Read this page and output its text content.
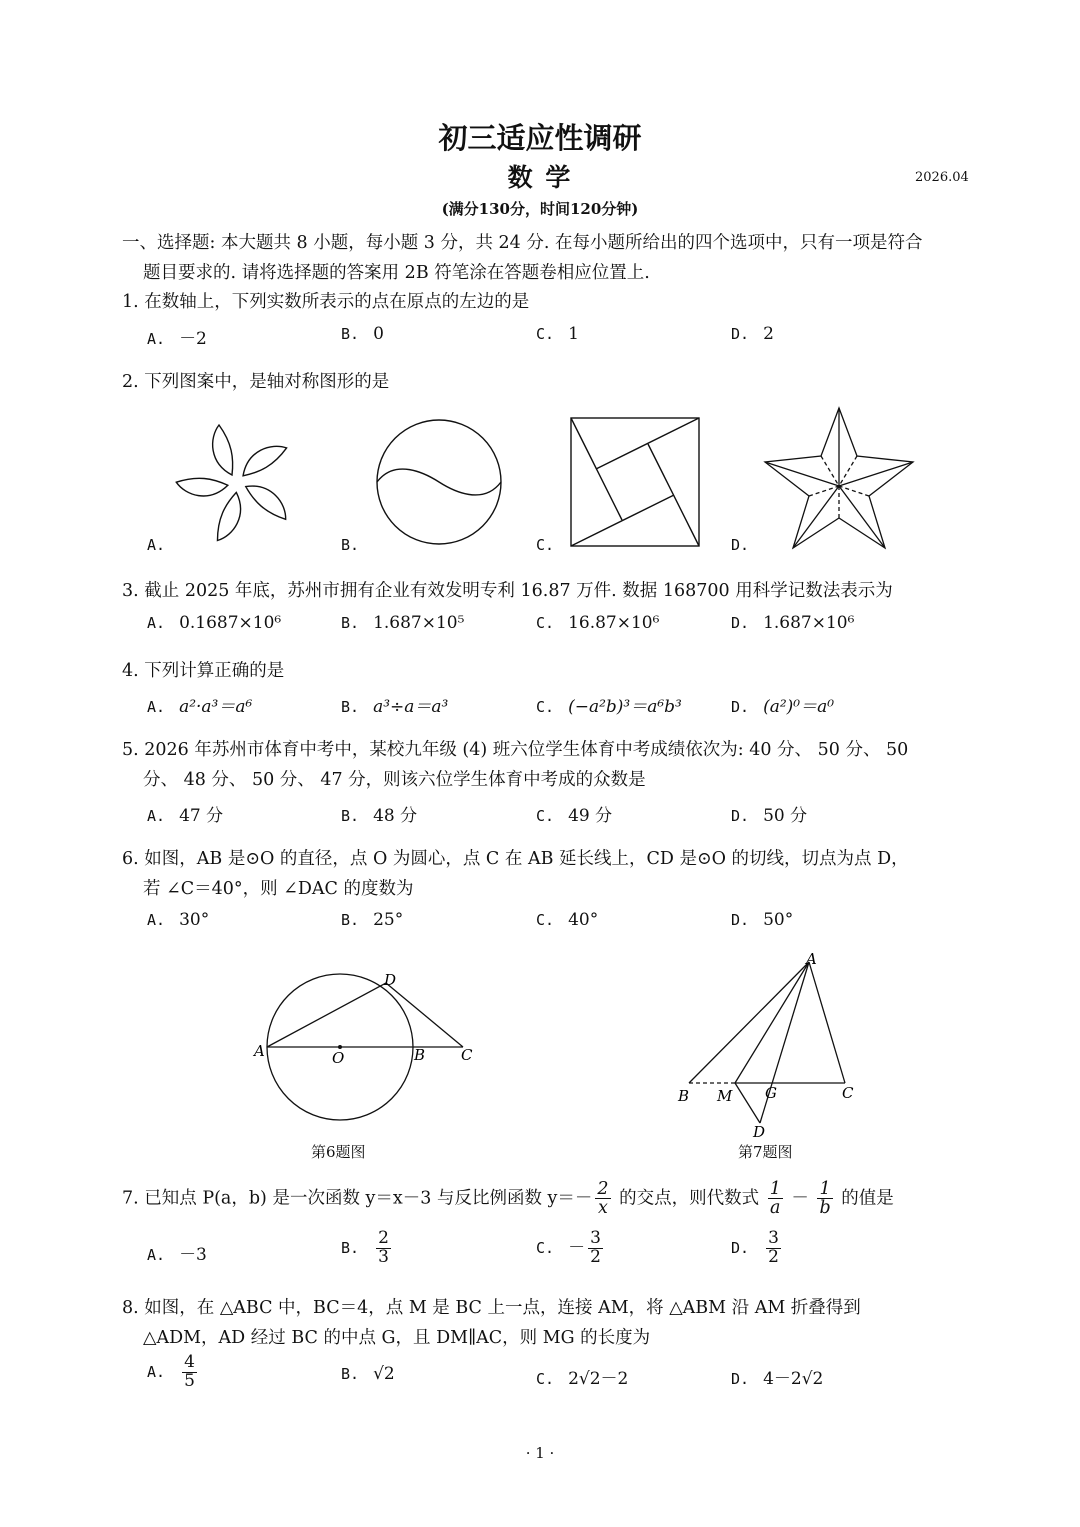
初三适应性调研
数 学	2026.04
(满分130分，时间120分钟)
一、选择题: 本大题共 8 小题，每小题 3 分，共 24 分. 在每小题所给出的四个选项中，只有一项是符合
题目要求的. 请将选择题的答案用 2B 符笔涂在答题卷相应位置上.
1. 在数轴上，下列实数所表示的点在原点的左边的是
A. －2	B. 0	C. 1	D. 2
2. 下列图案中，是轴对称图形的是
A.	B.	C.	D.
3. 截止 2025 年底，苏州市拥有企业有效发明专利 16.87 万件. 数据 168700 用科学记数法表示为
A. 0.1687×10⁶	B. 1.687×10⁵	C. 16.87×10⁶	D. 1.687×10⁶
4. 下列计算正确的是
A. a²·a³＝a⁶	B. a³÷a＝a³	C. (−a²b)³＝a⁶b³	D. (a²)⁰＝a⁰
5. 2026 年苏州市体育中考中，某校九年级 (4) 班六位学生体育中考成绩依次为: 40 分、 50 分、 50
分、 48 分、 50 分、 47 分，则该六位学生体育中考成的众数是
A. 47 分	B. 48 分	C. 49 分	D. 50 分
6. 如图，AB 是⊙O 的直径，点 O 为圆心，点 C 在 AB 延长线上，CD 是⊙O 的切线，切点为点 D，
若 ∠C＝40°，则 ∠DAC 的度数为
A. 30°	B. 25°	C. 40°	D. 50°
A	O	B C
D
第6题图
A
B M G	C
D
第7题图
7. 已知点 P(a，b) 是一次函数 y＝x－3 与反比例函数 $y=- \frac{2}{x}$ 的交点，则代数式 $\frac{1}{a} - \frac{1}{b}$ 的值是
A. －3	B. $\frac{2}{3}$	C. － $\frac{3}{2}$	D. $\frac{3}{2}$
8. 如图，在 △ABC 中，BC＝4，点 M 是 BC 上一点，连接 AM，将 △ABM 沿 AM 折叠得到
△ADM，AD 经过 BC 的中点 G，且 DM∥AC，则 MG 的长度为
A. $\frac{4}{5}$	B. √2	C. 2√2－2	D. 4－2√2
· 1 ·
